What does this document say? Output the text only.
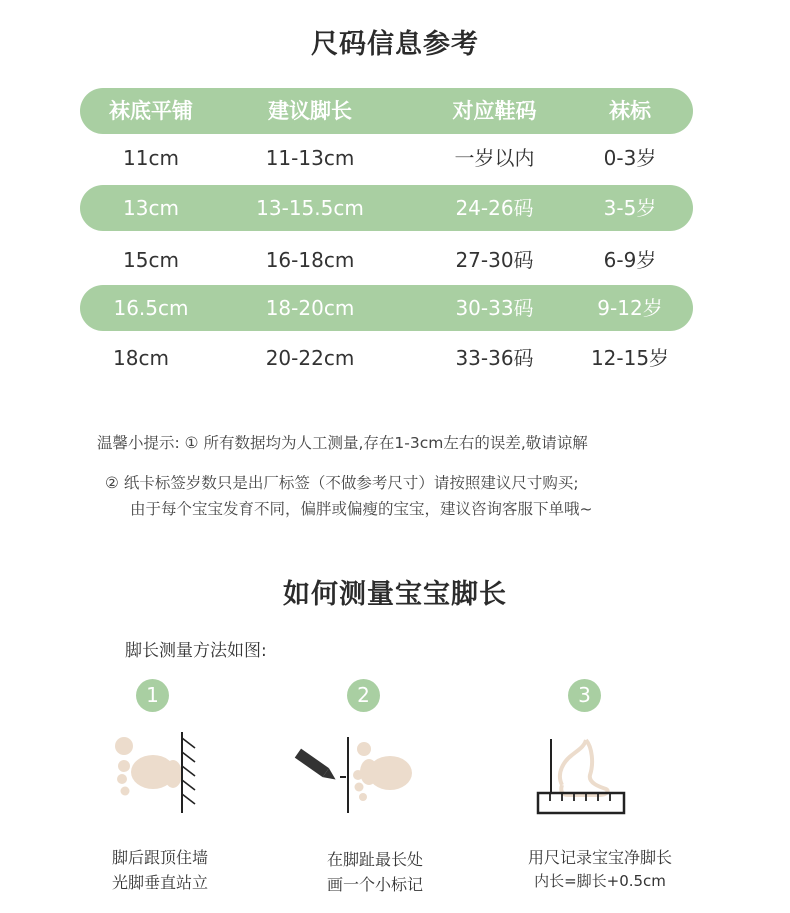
尺码信息参考
袜底平铺	建议脚长	对应鞋码	袜标
11cm	11-13cm	一岁以内	0-3岁
13cm	13-15.5cm	24-26码	3-5岁
15cm	16-18cm	27-30码	6-9岁
16.5cm	18-20cm	30-33码	9-12岁
18cm	20-22cm	33-36码	12-15岁
温馨小提示: ① 所有数据均为人工测量,存在1-3cm左右的误差,敬请谅解
② 纸卡标签岁数只是出厂标签（不做参考尺寸）请按照建议尺寸购买;
由于每个宝宝发育不同，偏胖或偏瘦的宝宝，建议咨询客服下单哦~
如何测量宝宝脚长
脚长测量方法如图:
1	2	3
脚后跟顶住墙
光脚垂直站立
在脚趾最长处
画一个小标记
用尺记录宝宝净脚长
内长=脚长+0.5cm
